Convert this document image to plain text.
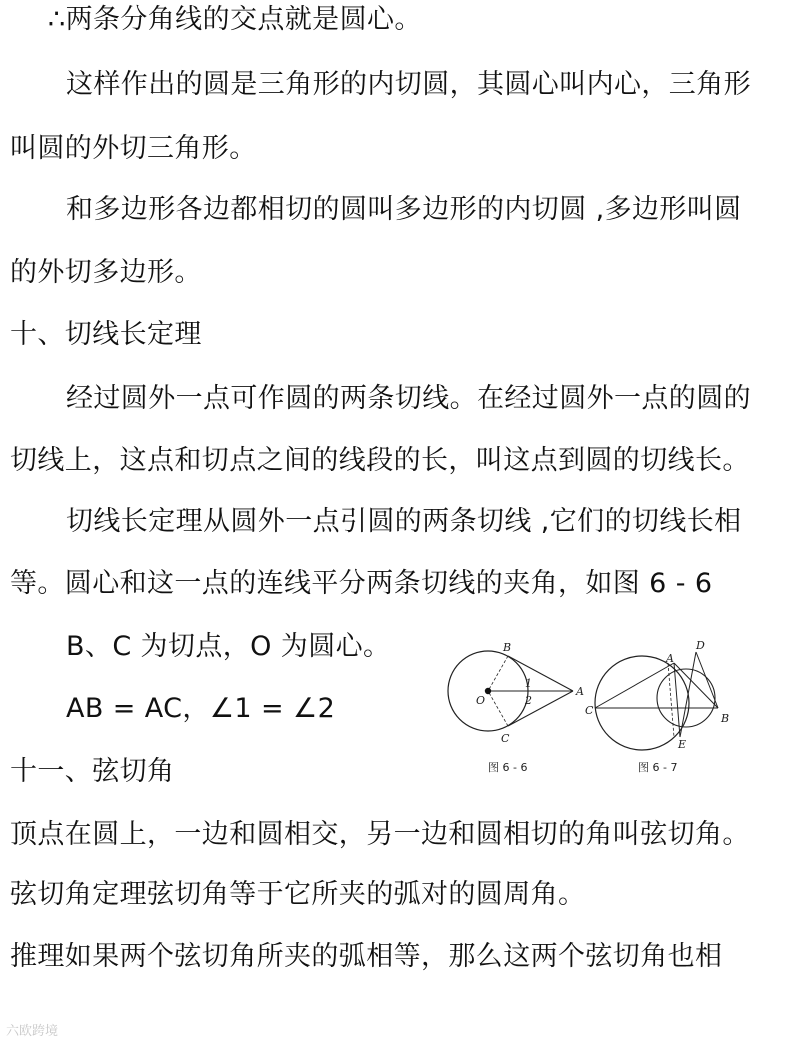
∴两条分角线的交点就是圆心。
这样作出的圆是三角形的内切圆，其圆心叫内心，三角形
叫圆的外切三角形。
和多边形各边都相切的圆叫多边形的内切圆 ,多边形叫圆
的外切多边形。
十、切线长定理
经过圆外一点可作圆的两条切线。在经过圆外一点的圆的
切线上，这点和切点之间的线段的长，叫这点到圆的切线长。
切线长定理从圆外一点引圆的两条切线 ,它们的切线长相
等。圆心和这一点的连线平分两条切线的夹角，如图 6 - 6
B、C 为切点，O 为圆心。
AB = AC，∠1 = ∠2
十一、弦切角
顶点在圆上，一边和圆相交，另一边和圆相切的角叫弦切角。
弦切角定理弦切角等于它所夹的弧对的圆周角。
推理如果两个弦切角所夹的弧相等，那么这两个弦切角也相
B
C
O
A
1
2
图 6 - 6
D
A
C
E
B
图 6 - 7
六欧跨境
